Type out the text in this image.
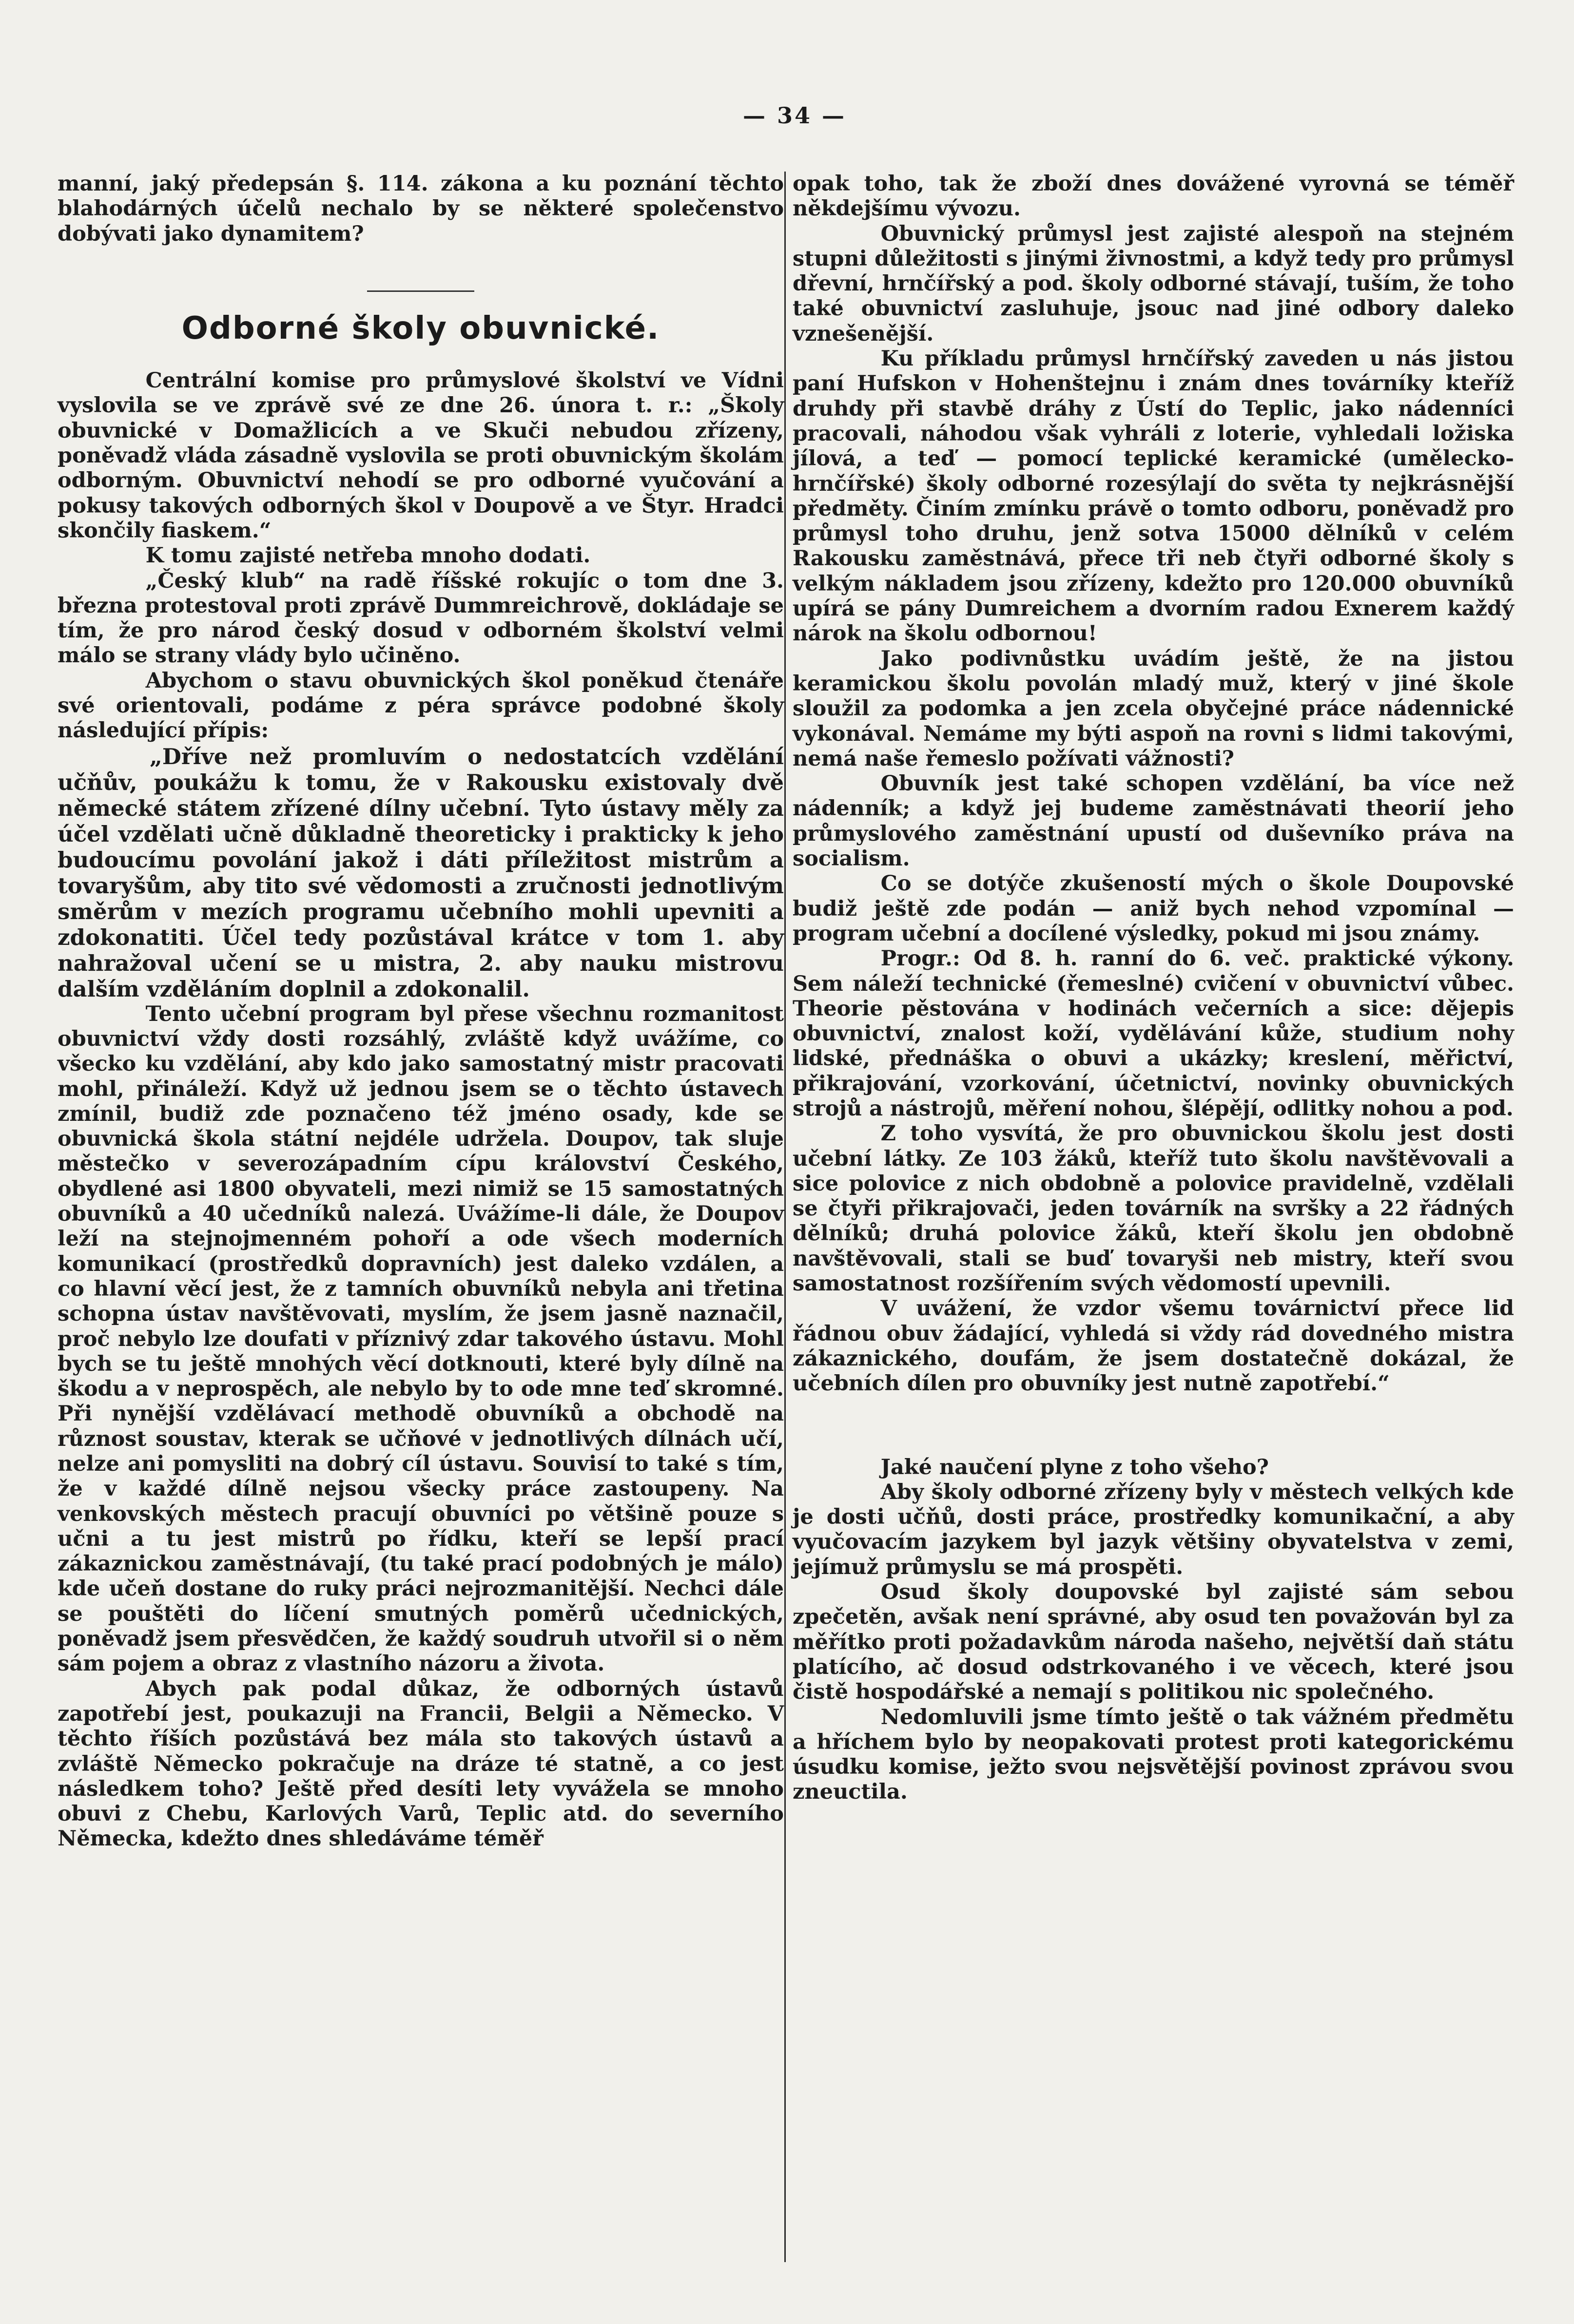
— 34 —

manní, jaký předepsán §. 114. zákona a ku poznání těchto blahodárných účelů nechalo by se některé společenstvo dobývati jako dynamitem?

Odborné školy obuvnické.

Centrální komise pro průmyslové školství ve Vídni vyslovila se ve zprávě své ze dne 26. února t. r.: „Školy obuvnické v Domažlicích a ve Skuči nebudou zřízeny, poněvadž vláda zásadně vyslovila se proti obuvnickým školám odborným. Obuvnictví nehodí se pro odborné vyučování a pokusy takových odborných škol v Doupově a ve Štyr. Hradci skončily fiaskem.“

K tomu zajisté netřeba mnoho dodati.

„Český klub“ na radě říšské rokujíc o tom dne 3. března protestoval proti zprávě Dummreichrově, dokládaje se tím, že pro národ český dosud v odborném školství velmi málo se strany vlády bylo učiněno.

Abychom o stavu obuvnických škol poněkud čtenáře své orientovali, podáme z péra správce podobné školy následující přípis:

„Dříve než promluvím o nedostatcích vzdělání učňův, poukážu k tomu, že v Rakousku existovaly dvě německé státem zřízené dílny učební. Tyto ústavy měly za účel vzdělati učně důkladně theoreticky i prakticky k jeho budoucímu povolání jakož i dáti příležitost mistrům a tovaryšům, aby tito své vědomosti a zručnosti jednotlivým směrům v mezích programu učebního mohli upevniti a zdokonatiti. Účel tedy pozůstával krátce v tom 1. aby nahražoval učení se u mistra, 2. aby nauku mistrovu dalším vzděláním doplnil a zdokonalil.

Tento učební program byl přese všechnu rozmanitost obuvnictví vždy dosti rozsáhlý, zvláště když uvážíme, co všecko ku vzdělání, aby kdo jako samostatný mistr pracovati mohl, přináleží. Když už jednou jsem se o těchto ústavech zmínil, budiž zde poznačeno též jméno osady, kde se obuvnická škola státní nejdéle udržela. Doupov, tak sluje městečko v severozápadním cípu království Českého, obydlené asi 1800 obyvateli, mezi nimiž se 15 samostatných obuvníků a 40 učedníků nalezá. Uvážíme-li dále, že Doupov leží na stejnojmenném pohoří a ode všech moderních komunikací (prostředků dopravních) jest daleko vzdálen, a co hlavní věcí jest, že z tamních obuvníků nebyla ani třetina schopna ústav navštěvovati, myslím, že jsem jasně naznačil, proč nebylo lze doufati v příznivý zdar takového ústavu. Mohl bych se tu ještě mnohých věcí dotknouti, které byly dílně na škodu a v neprospěch, ale nebylo by to ode mne teď skromné. Při nynější vzdělávací methodě obuvníků a obchodě na různost soustav, kterak se učňové v jednotlivých dílnách učí, nelze ani pomysliti na dobrý cíl ústavu. Souvisí to také s tím, že v každé dílně nejsou všecky práce zastoupeny. Na venkovských městech pracují obuvníci po většině pouze s učni a tu jest mistrů po řídku, kteří se lepší prací zákaznickou zaměstnávají, (tu také prací podobných je málo) kde učeň dostane do ruky práci nejrozmanitější. Nechci dále se pouštěti do líčení smutných poměrů učednických, poněvadž jsem přesvědčen, že každý soudruh utvořil si o něm sám pojem a obraz z vlastního názoru a života.

Abych pak podal důkaz, že odborných ústavů zapotřebí jest, poukazuji na Francii, Belgii a Německo. V těchto říších pozůstává bez mála sto takových ústavů a zvláště Německo pokračuje na dráze té statně, a co jest následkem toho? Ještě před desíti lety vyvážela se mnoho obuvi z Chebu, Karlových Varů, Teplic atd. do severního Německa, kdežto dnes shledáváme téměř

opak toho, tak že zboží dnes dovážené vyrovná se téměř někdejšímu vývozu.

Obuvnický průmysl jest zajisté alespoň na stejném stupni důležitosti s jinými živnostmi, a když tedy pro průmysl dřevní, hrnčířský a pod. školy odborné stávají, tuším, že toho také obuvnictví zasluhuje, jsouc nad jiné odbory daleko vznešenější.

Ku příkladu průmysl hrnčířský zaveden u nás jistou paní Hufskon v Hohenštejnu i znám dnes továrníky kteříž druhdy při stavbě dráhy z Ústí do Teplic, jako nádenníci pracovali, náhodou však vyhráli z loterie, vyhledali ložiska jílová, a teď — pomocí teplické keramické (umělecko-hrnčířské) školy odborné rozesýlají do světa ty nejkrásnější předměty. Činím zmínku právě o tomto odboru, poněvadž pro průmysl toho druhu, jenž sotva 15000 dělníků v celém Rakousku zaměstnává, přece tři neb čtyři odborné školy s velkým nákladem jsou zřízeny, kdežto pro 120.000 obuvníků upírá se pány Dumreichem a dvorním radou Exnerem každý nárok na školu odbornou!

Jako podivnůstku uvádím ještě, že na jistou keramickou školu povolán mladý muž, který v jiné škole sloužil za podomka a jen zcela obyčejné práce nádennické vykonával. Nemáme my býti aspoň na rovni s lidmi takovými, nemá naše řemeslo požívati vážnosti?

Obuvník jest také schopen vzdělání, ba více než nádenník; a když jej budeme zaměstnávati theorií jeho průmyslového zaměstnání upustí od duševníko práva na socialism.

Co se dotýče zkušeností mých o škole Doupovské budiž ještě zde podán — aniž bych nehod vzpomínal — program učební a docílené výsledky, pokud mi jsou známy.

Progr.: Od 8. h. ranní do 6. več. praktické výkony. Sem náleží technické (řemeslné) cvičení v obuvnictví vůbec. Theorie pěstována v hodinách večerních a sice: dějepis obuvnictví, znalost koží, vydělávání kůže, studium nohy lidské, přednáška o obuvi a ukázky; kreslení, měřictví, přikrajování, vzorkování, účetnictví, novinky obuvnických strojů a nástrojů, měření nohou, šlépějí, odlitky nohou a pod.

Z toho vysvítá, že pro obuvnickou školu jest dosti učební látky. Ze 103 žáků, kteříž tuto školu navštěvovali a sice polovice z nich obdobně a polovice pravidelně, vzdělali se čtyři přikrajovači, jeden továrník na svršky a 22 řádných dělníků; druhá polovice žáků, kteří školu jen obdobně navštěvovali, stali se buď tovaryši neb mistry, kteří svou samostatnost rozšířením svých vědomostí upevnili.

V uvážení, že vzdor všemu továrnictví přece lid řádnou obuv žádající, vyhledá si vždy rád dovedného mistra zákaznického, doufám, že jsem dostatečně dokázal, že učebních dílen pro obuvníky jest nutně zapotřebí.“

Jaké naučení plyne z toho všeho?

Aby školy odborné zřízeny byly v městech velkých kde je dosti učňů, dosti práce, prostředky komunikační, a aby vyučovacím jazykem byl jazyk většiny obyvatelstva v zemi, jejímuž průmyslu se má prospěti.

Osud školy doupovské byl zajisté sám sebou zpečetěn, avšak není správné, aby osud ten považován byl za měřítko proti požadavkům národa našeho, největší daň státu platícího, ač dosud odstrkovaného i ve věcech, které jsou čistě hospodářské a nemají s politikou nic společného.

Nedomluvili jsme tímto ještě o tak vážném předmětu a hříchem bylo by neopakovati protest proti kategorickému úsudku komise, ježto svou nejsvětější povinost zprávou svou zneuctila.
